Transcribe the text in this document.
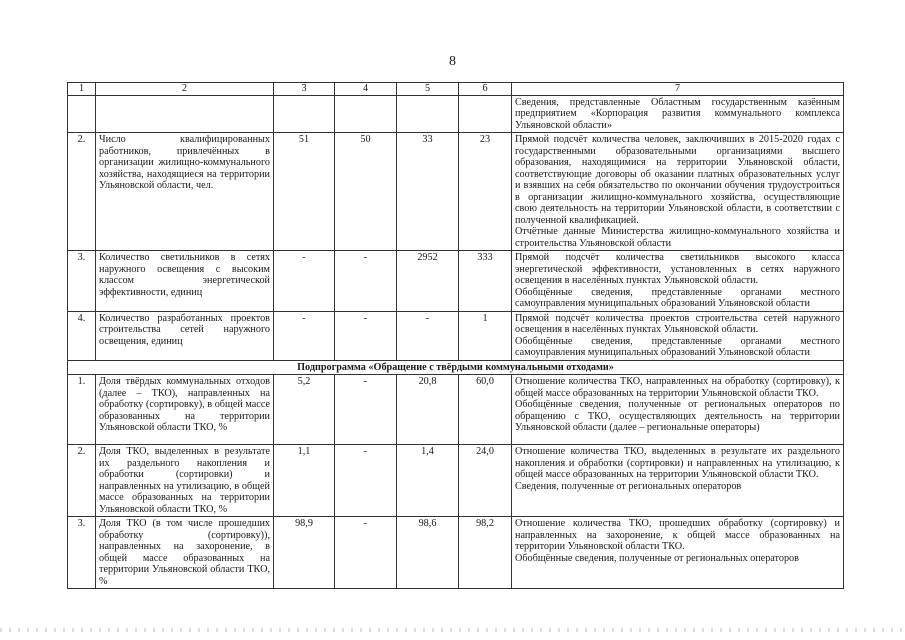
8
1	2	3	4	5	6	7
						Сведения, представленные Областным государственным казённым предприятием «Корпорация развития коммунального комплекса Ульяновской области»
2.	Число квалифицированных работников, привлечённых в организации жилищно-коммунального хозяйства, находящиеся на территории Ульяновской области, чел.	51	50	33	23	Прямой подсчёт количества человек, заключивших в 2015-2020 годах с государственными образовательными организациями высшего образования, находящимися на территории Ульяновской области, соответствующие договоры об оказании платных образовательных услуг и взявших на себя обязательство по окончании обучения трудоустроиться в организации жилищно-коммунального хозяйства, осуществляющие свою деятельность на территории Ульяновской области, в соответствии с полученной квалификацией.
Отчётные данные Министерства жилищно-коммунального хозяйства и строительства Ульяновской области

3.	Количество светильников в сетях наружного освещения с высоким классом энергетической эффективности, единиц	-	-	2952	333	Прямой подсчёт количества светильников высокого класса энергетической эффективности, установленных в сетях наружного освещения в населённых пунктах Ульяновской области.
Обобщённые сведения, представленные органами местного самоуправления муниципальных образований Ульяновской области

4.	Количество разработанных проектов строительства сетей наружного освещения, единиц	-	-	-	1	Прямой подсчёт количества проектов строительства сетей наружного освещения в населённых пунктах Ульяновской области.
Обобщённые сведения, представленные органами местного самоуправления муниципальных образований Ульяновской области

Подпрограмма «Обращение с твёрдыми коммунальными отходами»						
1.	Доля твёрдых коммунальных отходов (далее – ТКО), направленных на обработку (сортировку), в общей массе образованных на территории Ульяновской области ТКО, %	5,2	-	20,8	60,0	Отношение количества ТКО, направленных на обработку (сортировку), к общей массе образованных на территории Ульяновской области ТКО.
Обобщённые сведения, полученные от региональных операторов по обращению с ТКО, осуществляющих деятельность на территории Ульяновской области (далее – региональные операторы)

2.	Доля ТКО, выделенных в результате их раздельного накопления и обработки (сортировки) и направленных на утилизацию, в общей массе образованных на территории Ульяновской области ТКО, %	1,1	-	1,4	24,0	Отношение количества ТКО, выделенных в результате их раздельного накопления и обработки (сортировки) и направленных на утилизацию, к общей массе образованных на территории Ульяновской области ТКО.
Сведения, полученные от региональных операторов

3.	Доля ТКО (в том числе прошедших обработку (сортировку)), направленных на захоронение, в общей массе образованных на территории Ульяновской области ТКО, %	98,9	-	98,6	98,2	Отношение количества ТКО, прошедших обработку (сортировку) и направленных на захоронение, к общей массе образованных на территории Ульяновской области ТКО.
Обобщённые сведения, полученные от региональных операторов
